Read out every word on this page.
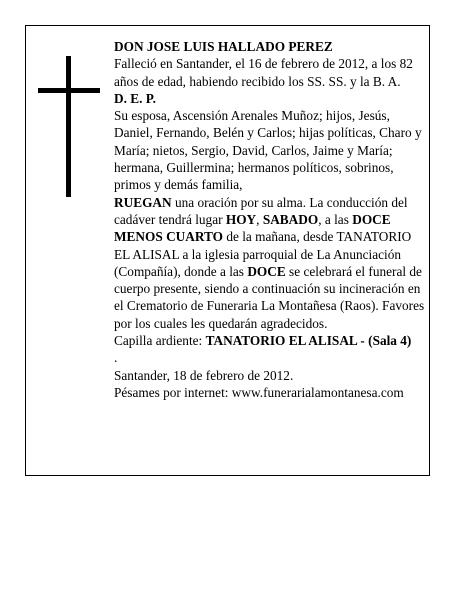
DON JOSE LUIS HALLADO PEREZ

Falleció en Santander, el 16 de febrero de 2012, a los 82 años de edad, habiendo recibido los SS. SS. y la B. A.

D. E. P.

Su esposa, Ascensión Arenales Muñoz; hijos, Jesús, Daniel, Fernando, Belén y Carlos; hijas políticas, Charo y María; nietos, Sergio, David, Carlos, Jaime y María; hermana, Guillermina; hermanos políticos, sobrinos, primos y demás familia,

RUEGAN una oración por su alma. La conducción del cadáver tendrá lugar HOY, SABADO, a las DOCE MENOS CUARTO de la mañana, desde TANATORIO EL ALISAL a la iglesia parroquial de La Anunciación (Compañía), donde a las DOCE se celebrará el funeral de cuerpo presente, siendo a continuación su incineración en el Crematorio de Funeraria La Montañesa (Raos). Favores por los cuales les quedarán agradecidos.

Capilla ardiente: TANATORIO EL ALISAL - (Sala 4)
.

Santander, 18 de febrero de 2012.

Pésames por internet: www.funerarialamontanesa.com
